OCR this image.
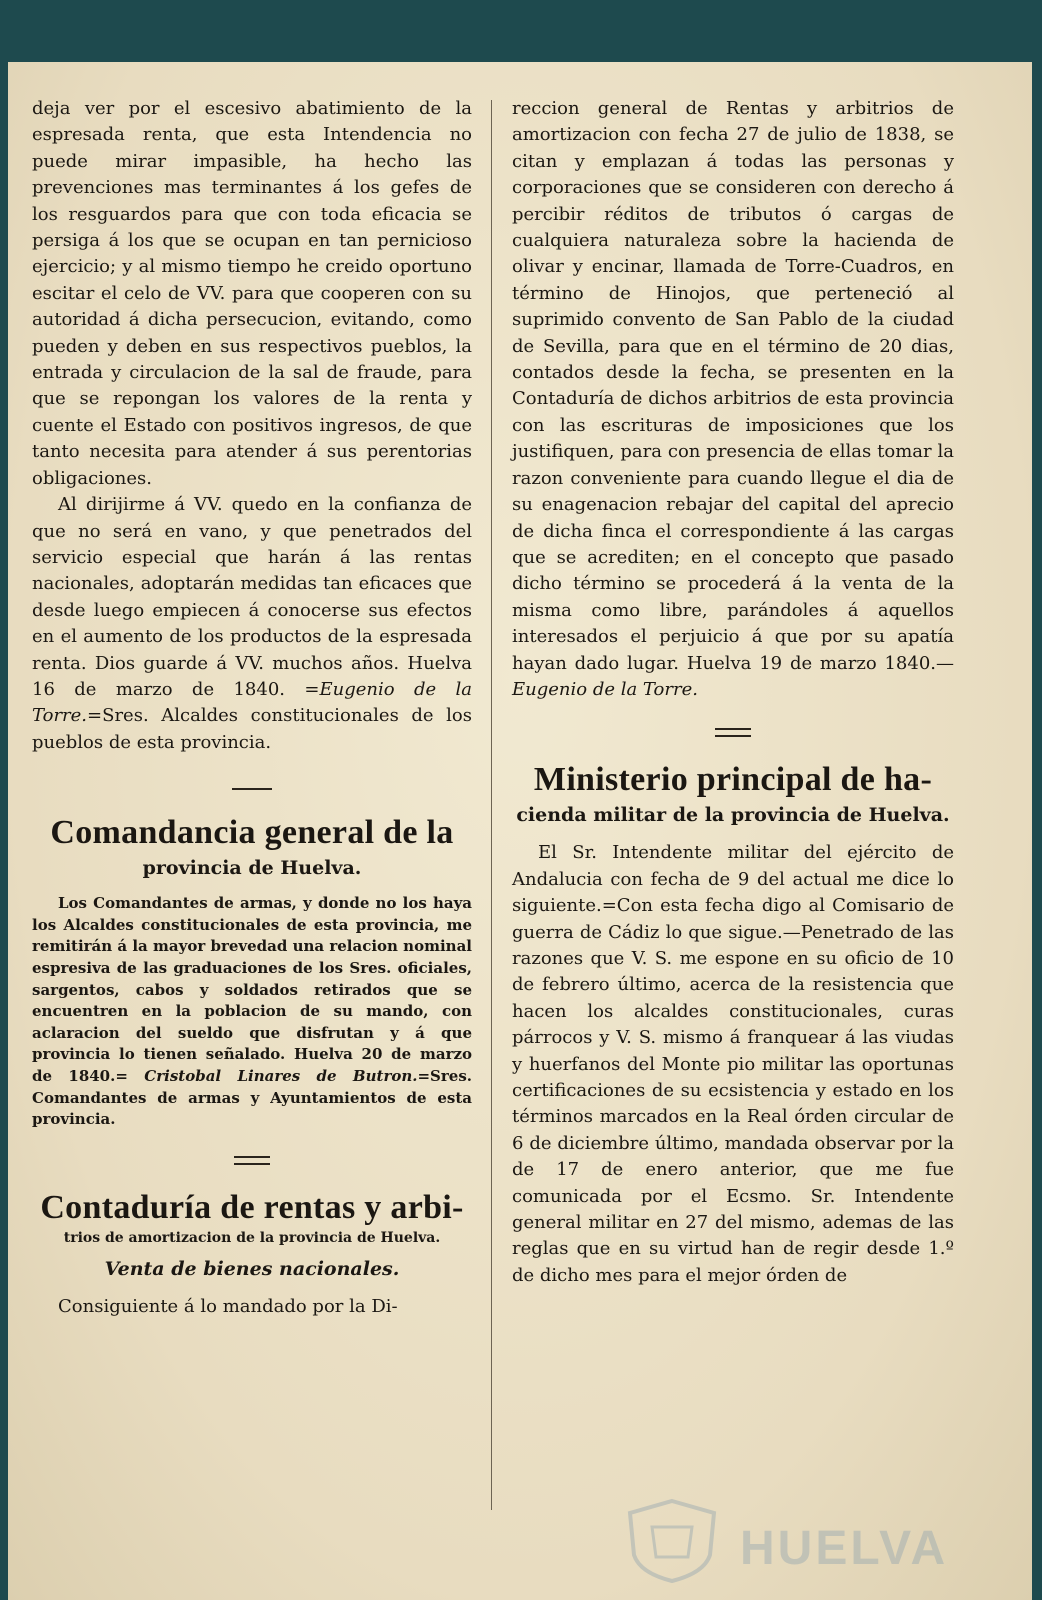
deja ver por el escesivo abatimiento de la espresada renta, que esta Intendencia no puede mirar impasible, ha hecho las prevenciones mas terminantes á los gefes de los resguardos para que con toda eficacia se persiga á los que se ocupan en tan pernicioso ejercicio; y al mismo tiempo he creido oportuno escitar el celo de VV. para que cooperen con su autoridad á dicha persecucion, evitando, como pueden y deben en sus respectivos pueblos, la entrada y circulacion de la sal de fraude, para que se repongan los valores de la renta y cuente el Estado con positivos ingresos, de que tanto necesita para atender á sus perentorias obligaciones.

Al dirijirme á VV. quedo en la confianza de que no será en vano, y que penetrados del servicio especial que harán á las rentas nacionales, adoptarán medidas tan eficaces que desde luego empiecen á conocerse sus efectos en el aumento de los productos de la espresada renta. Dios guarde á VV. muchos años. Huelva 16 de marzo de 1840. =Eugenio de la Torre.=Sres. Alcaldes constitucionales de los pueblos de esta provincia.

Comandancia general de la
provincia de Huelva.

Los Comandantes de armas, y donde no los haya los Alcaldes constitucionales de esta provincia, me remitirán á la mayor brevedad una relacion nominal espresiva de las graduaciones de los Sres. oficiales, sargentos, cabos y soldados retirados que se encuentren en la poblacion de su mando, con aclaracion del sueldo que disfrutan y á que provincia lo tienen señalado. Huelva 20 de marzo de 1840.= Cristobal Linares de Butron.=Sres. Comandantes de armas y Ayuntamientos de esta provincia.

Contaduría de rentas y arbi-
trios de amortizacion de la provincia de Huelva.
Venta de bienes nacionales.

Consiguiente á lo mandado por la Di-

reccion general de Rentas y arbitrios de amortizacion con fecha 27 de julio de 1838, se citan y emplazan á todas las personas y corporaciones que se consideren con derecho á percibir réditos de tributos ó cargas de cualquiera naturaleza sobre la hacienda de olivar y encinar, llamada de Torre-Cuadros, en término de Hinojos, que perteneció al suprimido convento de San Pablo de la ciudad de Sevilla, para que en el término de 20 dias, contados desde la fecha, se presenten en la Contaduría de dichos arbitrios de esta provincia con las escrituras de imposiciones que los justifiquen, para con presencia de ellas tomar la razon conveniente para cuando llegue el dia de su enagenacion rebajar del capital del aprecio de dicha finca el correspondiente á las cargas que se acrediten; en el concepto que pasado dicho término se procederá á la venta de la misma como libre, parándoles á aquellos interesados el perjuicio á que por su apatía hayan dado lugar. Huelva 19 de marzo 1840.—Eugenio de la Torre.

Ministerio principal de ha-
cienda militar de la provincia de Huelva.

El Sr. Intendente militar del ejército de Andalucia con fecha de 9 del actual me dice lo siguiente.=Con esta fecha digo al Comisario de guerra de Cádiz lo que sigue.—Penetrado de las razones que V. S. me espone en su oficio de 10 de febrero último, acerca de la resistencia que hacen los alcaldes constitucionales, curas párrocos y V. S. mismo á franquear á las viudas y huerfanos del Monte pio militar las oportunas certificaciones de su ecsistencia y estado en los términos marcados en la Real órden circular de 6 de diciembre último, mandada observar por la de 17 de enero anterior, que me fue comunicada por el Ecsmo. Sr. Intendente general militar en 27 del mismo, ademas de las reglas que en su virtud han de regir desde 1.º de dicho mes para el mejor órden de

HUELVA
